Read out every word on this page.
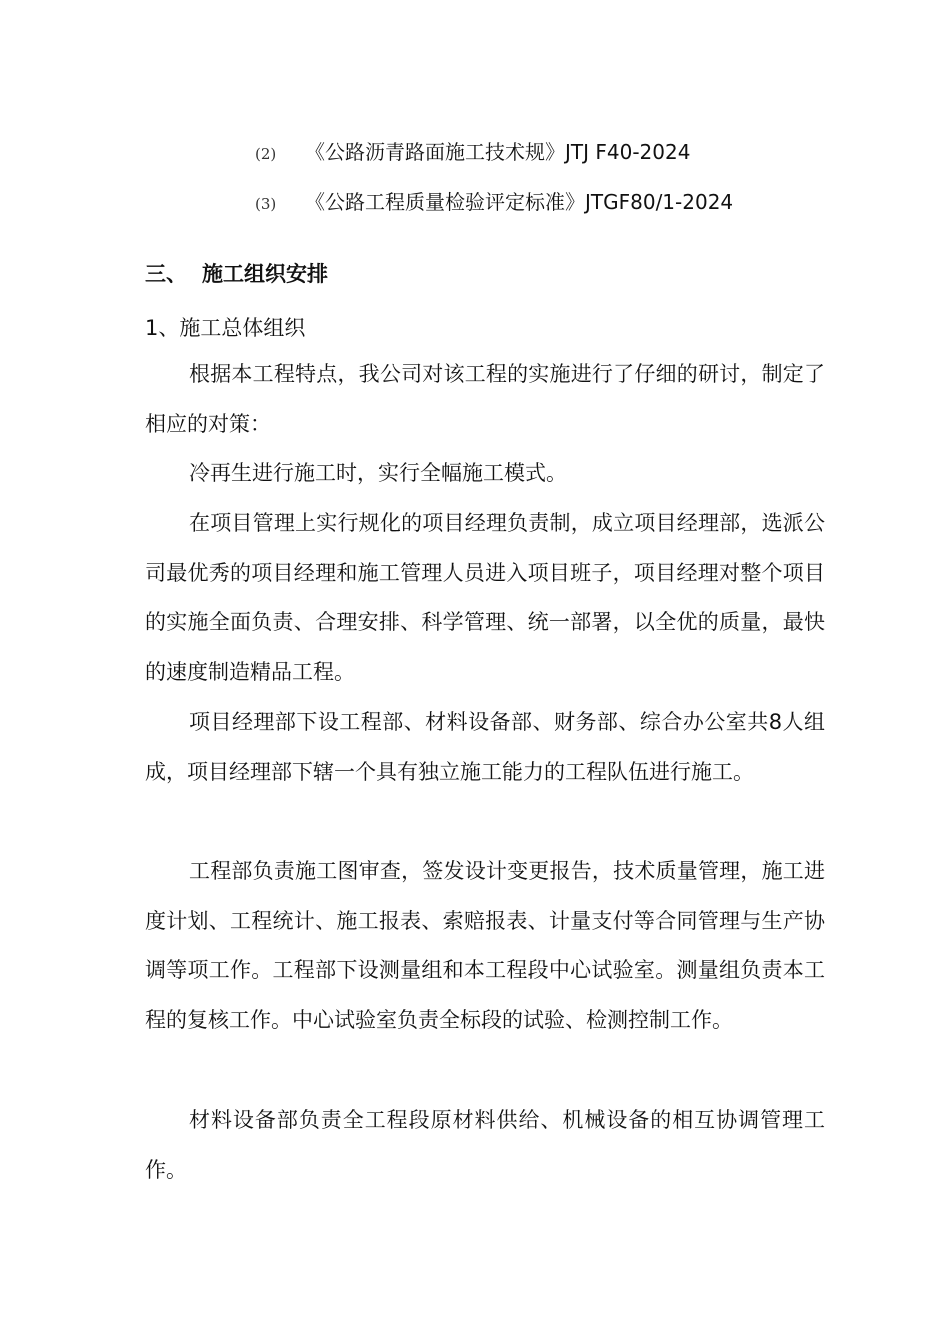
(2) 《公路沥青路面施工技术规》JTJ F40-2024
(3) 《公路工程质量检验评定标准》JTGF80/1-2024
三、 施工组织安排
1、施工总体组织
根据本工程特点，我公司对该工程的实施进行了仔细的研讨，制定了相应的对策：
冷再生进行施工时，实行全幅施工模式。
在项目管理上实行规化的项目经理负责制，成立项目经理部，选派公司最优秀的项目经理和施工管理人员进入项目班子，项目经理对整个项目的实施全面负责、合理安排、科学管理、统一部署，以全优的质量，最快的速度制造精品工程。
项目经理部下设工程部、材料设备部、财务部、综合办公室共8人组成，项目经理部下辖一个具有独立施工能力的工程队伍进行施工。
工程部负责施工图审查，签发设计变更报告，技术质量管理，施工进度计划、工程统计、施工报表、索赔报表、计量支付等合同管理与生产协调等项工作。工程部下设测量组和本工程段中心试验室。测量组负责本工程的复核工作。中心试验室负责全标段的试验、检测控制工作。
材料设备部负责全工程段原材料供给、机械设备的相互协调管理工作。
